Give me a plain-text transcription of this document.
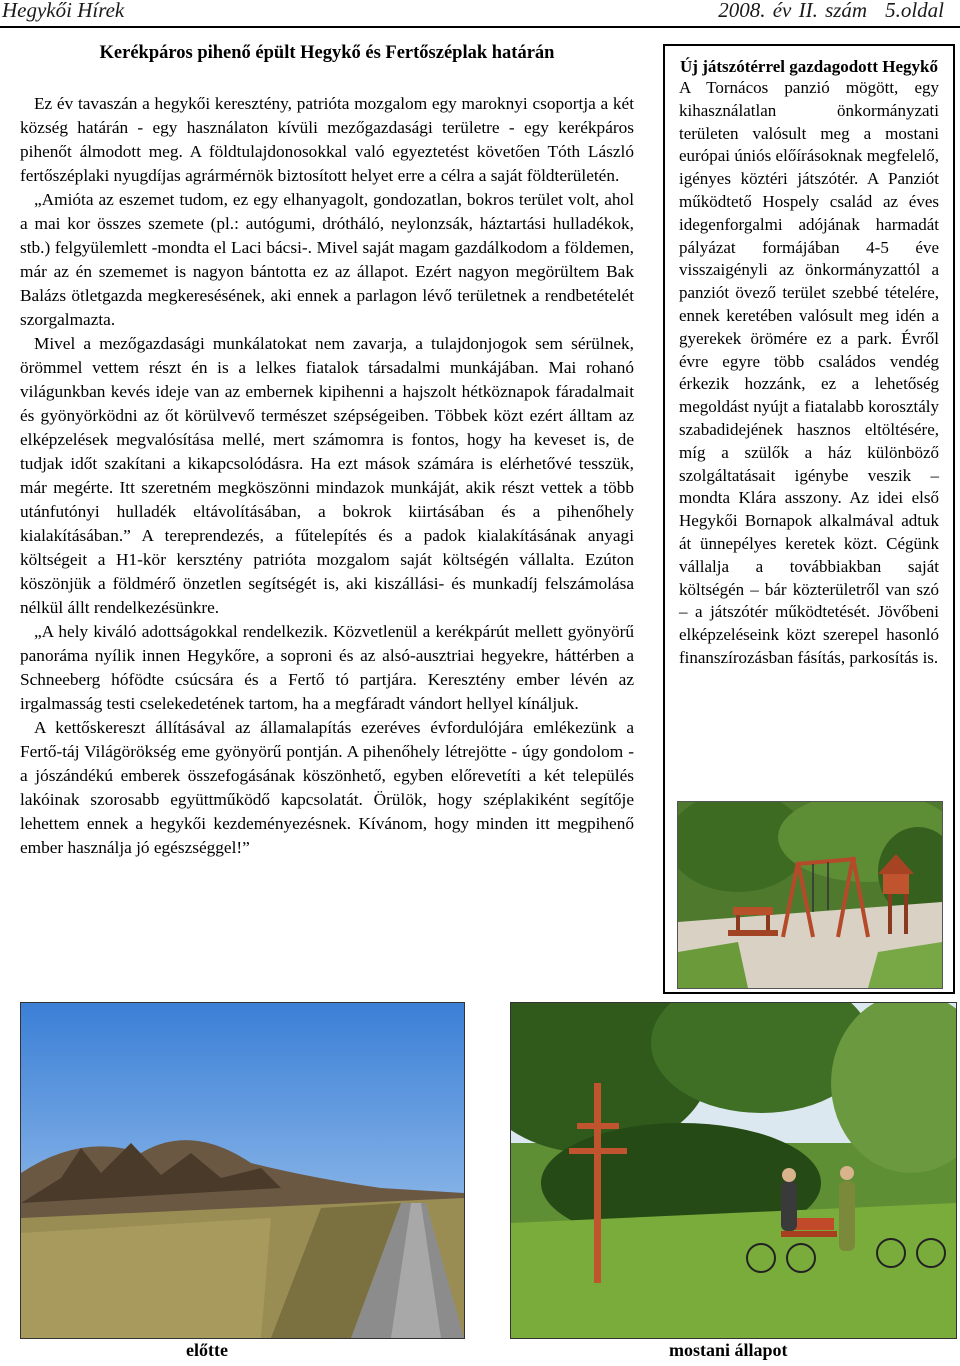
Hegykői Hírek	2008. év II. szám 5.oldal
Kerékpáros pihenő épült Hegykő és Fertőszéplak határán

Ez év tavaszán a hegykői keresztény, patrióta mozgalom egy maroknyi csoportja a két község határán - egy használaton kívüli mezőgazdasági területre - egy kerékpáros pihenőt álmodott meg. A földtulajdonosokkal való egyeztetést követően Tóth László fertőszéplaki nyugdíjas agrármérnök biztosított helyet erre a célra a saját földterületén.

„Amióta az eszemet tudom, ez egy elhanyagolt, gondozatlan, bokros terület volt, ahol a mai kor összes szemete (pl.: autógumi, drótháló, neylonzsák, háztartási hulladékok, stb.) felgyülemlett -mondta el Laci bácsi-. Mivel saját magam gazdálkodom a földemen, már az én szememet is nagyon bántotta ez az állapot. Ezért nagyon megörültem Bak Balázs ötletgazda megkeresésének, aki ennek a parlagon lévő területnek a rendbetételét szorgalmazta.

Mivel a mezőgazdasági munkálatokat nem zavarja, a tulajdonjogok sem sérülnek, örömmel vettem részt én is a lelkes fiatalok társadalmi munkájában. Mai rohanó világunkban kevés ideje van az embernek kipihenni a hajszolt hétköznapok fáradalmait és gyönyörködni az őt körülvevő természet szépségeiben. Többek közt ezért álltam az elképzelések megvalósítása mellé, mert számomra is fontos, hogy ha keveset is, de tudjak időt szakítani a kikapcsolódásra. Ha ezt mások számára is elérhetővé tesszük, már megérte. Itt szeretném megköszönni mindazok munkáját, akik részt vettek a több utánfutónyi hulladék eltávolításában, a bokrok kiirtásában és a pihenőhely kialakításában.” A tereprendezés, a fűtelepítés és a padok kialakításának anyagi költségeit a H1-kör kersztény patrióta mozgalom saját költségén vállalta. Ezúton köszönjük a földmérő önzetlen segítségét is, aki kiszállási- és munkadíj felszámolása nélkül állt rendelkezésünkre.

„A hely kiváló adottságokkal rendelkezik. Közvetlenül a kerékpárút mellett gyönyörű panoráma nyílik innen Hegykőre, a soproni és az alsó-ausztriai hegyekre, háttérben a Schneeberg hófödte csúcsára és a Fertő tó partjára. Keresztény ember lévén az irgalmasság testi cselekedetének tartom, ha a megfáradt vándort hellyel kínáljuk.

A kettőskereszt állításával az államalapítás ezeréves évfordulójára emlékezünk a Fertő-táj Világörökség eme gyönyörű pontján. A pihenőhely létrejötte - úgy gondolom - a jószándékú emberek összefogásának köszönhető, egyben előrevetíti a két település lakóinak szorosabb együttműködő kapcsolatát. Örülök, hogy széplakiként segítője lehettem ennek a hegykői kezdeményezésnek. Kívánom, hogy minden itt megpihenő ember használja jó egészséggel!”

Új játszótérrel gazdagodott Hegykő
A Tornácos panzió mögött, egy kihasználatlan önkormányzati területen valósult meg a mostani európai úniós előírásoknak megfelelő, igényes köztéri játszótér. A Panziót működtető Hospely család az éves idegenforgalmi adójának harmadát pályázat formájában 4-5 éve visszaigényli az önkormányzattól a panziót övező terület szebbé tételére, ennek keretében valósult meg idén a gyerekek örömére ez a park. Évről évre egyre több családos vendég érkezik hozzánk, ez a lehetőség megoldást nyújt a fiatalabb korosztály szabadidejének hasznos eltöltésére, míg a szülők a ház különböző szolgáltatásait igénybe veszik – mondta Klára asszony. Az idei első Hegykői Bornapok alkalmával adtuk át ünnepélyes keretek közt. Cégünk vállalja a továbbiakban saját költségén – bár közterületről van szó – a játszótér működtetését. Jövőbeni elképzeléseink közt szerepel hasonló finanszírozásban fásítás, parkosítás is.
előtte	mostani állapot
